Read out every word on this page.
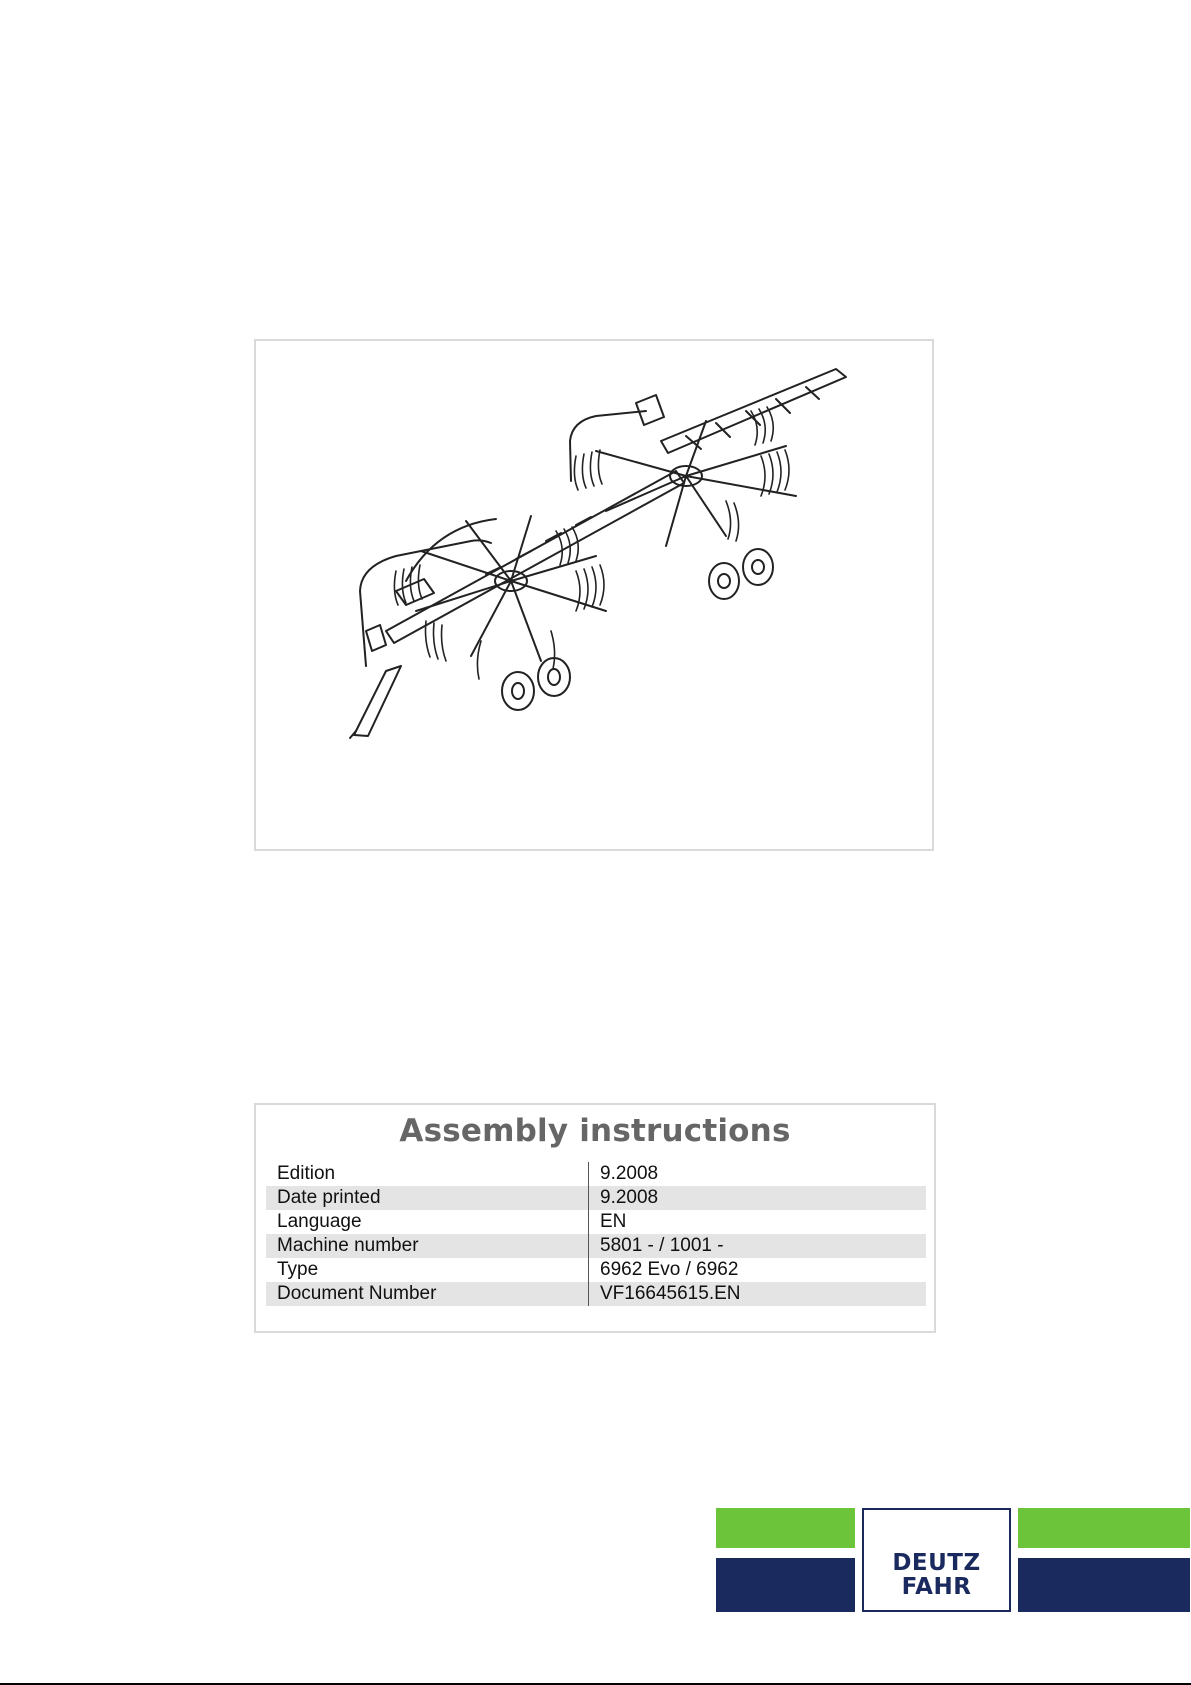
Assembly instructions
Edition	9.2008
Date printed	9.2008
Language	EN
Machine number	5801 - / 1001 -
Type	6962 Evo / 6962
Document Number	VF16645615.EN
DEUTZ
FAHR
